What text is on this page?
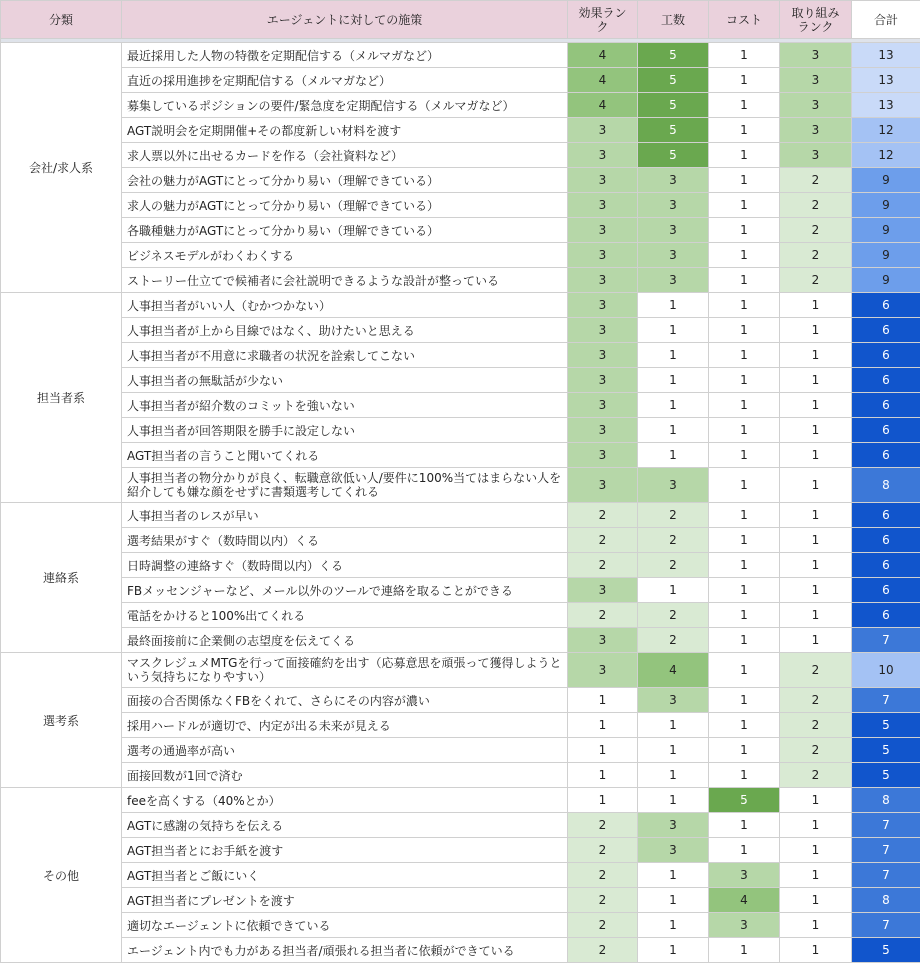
分類	エージェントに対しての施策	効果ランク	工数	コスト	取り組み ランク	合計

会社/求人系	最近採用した人物の特徴を定期配信する（メルマガなど）	4	5	1	3	13
	直近の採用進捗を定期配信する（メルマガなど）	4	5	1	3	13
	募集しているポジションの要件/緊急度を定期配信する（メルマガなど）	4	5	1	3	13
	AGT説明会を定期開催+その都度新しい材料を渡す	3	5	1	3	12
	求人票以外に出せるカードを作る（会社資料など）	3	5	1	3	12
	会社の魅力がAGTにとって分かり易い（理解できている）	3	3	1	2	9
	求人の魅力がAGTにとって分かり易い（理解できている）	3	3	1	2	9
	各職種魅力がAGTにとって分かり易い（理解できている）	3	3	1	2	9
	ビジネスモデルがわくわくする	3	3	1	2	9
	ストーリー仕立てで候補者に会社説明できるような設計が整っている	3	3	1	2	9
担当者系	人事担当者がいい人（むかつかない）	3	1	1	1	6
	人事担当者が上から目線ではなく、助けたいと思える	3	1	1	1	6
	人事担当者が不用意に求職者の状況を詮索してこない	3	1	1	1	6
	人事担当者の無駄話が少ない	3	1	1	1	6
	人事担当者が紹介数のコミットを強いない	3	1	1	1	6
	人事担当者が回答期限を勝手に設定しない	3	1	1	1	6
	AGT担当者の言うこと聞いてくれる	3	1	1	1	6
	人事担当者の物分かりが良く、転職意欲低い人/要件に100%当てはまらない人を紹介しても嫌な顔をせずに書類選考してくれる	3	3	1	1	8
連絡系	人事担当者のレスが早い	2	2	1	1	6
	選考結果がすぐ（数時間以内）くる	2	2	1	1	6
	日時調整の連絡すぐ（数時間以内）くる	2	2	1	1	6
	FBメッセンジャーなど、メール以外のツールで連絡を取ることができる	3	1	1	1	6
	電話をかけると100%出てくれる	2	2	1	1	6
	最終面接前に企業側の志望度を伝えてくる	3	2	1	1	7
選考系	マスクレジュメMTGを行って面接確約を出す（応募意思を頑張って獲得しようという気持ちになりやすい）	3	4	1	2	10
	面接の合否関係なくFBをくれて、さらにその内容が濃い	1	3	1	2	7
	採用ハードルが適切で、内定が出る未来が見える	1	1	1	2	5
	選考の通過率が高い	1	1	1	2	5
	面接回数が1回で済む	1	1	1	2	5
その他	feeを高くする（40%とか）	1	1	5	1	8
	AGTに感謝の気持ちを伝える	2	3	1	1	7
	AGT担当者とにお手紙を渡す	2	3	1	1	7
	AGT担当者とご飯にいく	2	1	3	1	7
	AGT担当者にプレゼントを渡す	2	1	4	1	8
	適切なエージェントに依頼できている	2	1	3	1	7
	エージェント内でも力がある担当者/頑張れる担当者に依頼ができている	2	1	1	1	5
